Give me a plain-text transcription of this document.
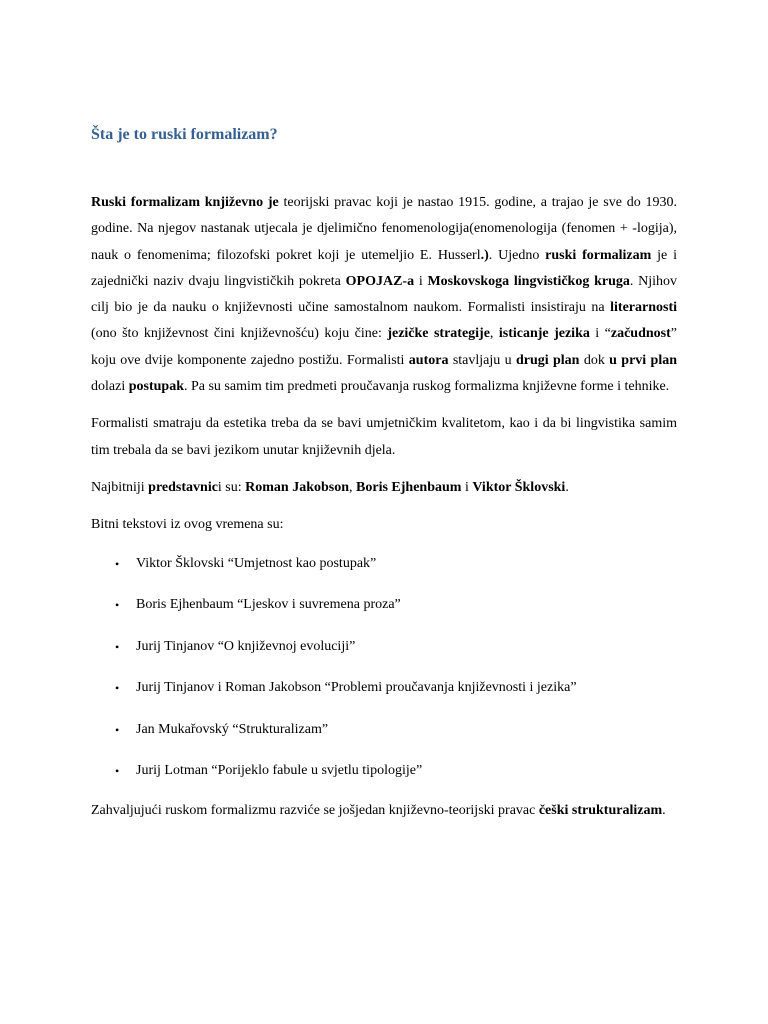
Šta je to ruski formalizam?

Ruski formalizam književno je teorijski pravac koji je nastao 1915. godine, a trajao je sve do 1930. godine. Na njegov nastanak utjecala je djelimično fenomenologija(enomenologija (fenomen + -logija), nauk o fenomenima; filozofski pokret koji je utemeljio E. Husserl.). Ujedno ruski formalizam je i zajednički naziv dvaju lingvističkih pokreta OPOJAZ-a i Moskovskoga lingvističkog kruga. Njihov cilj bio je da nauku o književnosti učine samostalnom naukom. Formalisti insistiraju na literarnosti (ono što književnost čini književnošću) koju čine: jezičke strategije, isticanje jezika i “začudnost” koju ove dvije komponente zajedno postižu. Formalisti autora stavljaju u drugi plan dok u prvi plan dolazi postupak. Pa su samim tim predmeti proučavanja ruskog formalizma književne forme i tehnike.

Formalisti smatraju da estetika treba da se bavi umjetničkim kvalitetom, kao i da bi lingvistika samim tim trebala da se bavi jezikom unutar književnih djela.

Najbitniji predstavnici su: Roman Jakobson, Boris Ejhenbaum i Viktor Šklovski.

Bitni tekstovi iz ovog vremena su:

• Viktor Šklovski “Umjetnost kao postupak”
• Boris Ejhenbaum “Ljeskov i suvremena proza”
• Jurij Tinjanov “O književnoj evoluciji”
• Jurij Tinjanov i Roman Jakobson “Problemi proučavanja književnosti i jezika”
• Jan Mukařovský “Strukturalizam”
• Jurij Lotman “Porijeklo fabule u svjetlu tipologije”

Zahvaljujući ruskom formalizmu razviće se jošjedan književno-teorijski pravac češki strukturalizam.
